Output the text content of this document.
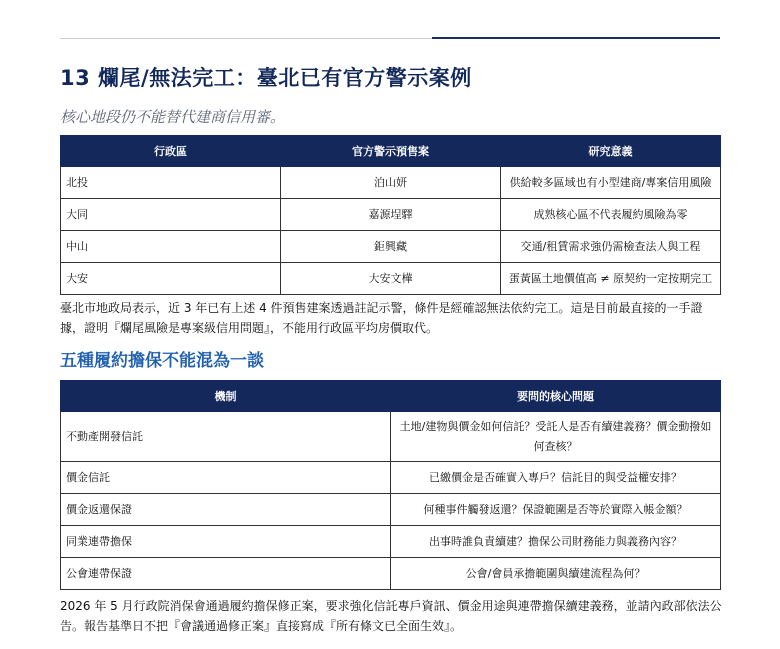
13 爛尾/無法完工：臺北已有官方警示案例
核心地段仍不能替代建商信用審。
行政區	官方警示預售案	研究意義
北投	泊山妍	供給較多區域也有小型建商/專案信用風險
大同	嘉源埕驛	成熟核心區不代表履約風險為零
中山	鉅興藏	交通/租賃需求強仍需檢查法人與工程
大安	大安文樺	蛋黃區土地價值高 ≠ 原契約一定按期完工
臺北市地政局表示，近 3 年已有上述 4 件預售建案透過註記示警，條件是經確認無法依約完工。這是目前最直接的一手證據，證明『爛尾風險是專案級信用問題』，不能用行政區平均房價取代。
五種履約擔保不能混為一談
機制	要問的核心問題
不動產開發信託	土地/建物與價金如何信託？受託人是否有續建義務？價金動撥如何查核？
價金信託	已繳價金是否確實入專戶？信託目的與受益權安排？
價金返還保證	何種事件觸發返還？保證範圍是否等於實際入帳金額？
同業連帶擔保	出事時誰負責續建？擔保公司財務能力與義務內容？
公會連帶保證	公會/會員承擔範圍與續建流程為何？
2026 年 5 月行政院消保會通過履約擔保修正案，要求強化信託專戶資訊、價金用途與連帶擔保續建義務，並請內政部依法公告。報告基準日不把『會議通過修正案』直接寫成『所有條文已全面生效』。
